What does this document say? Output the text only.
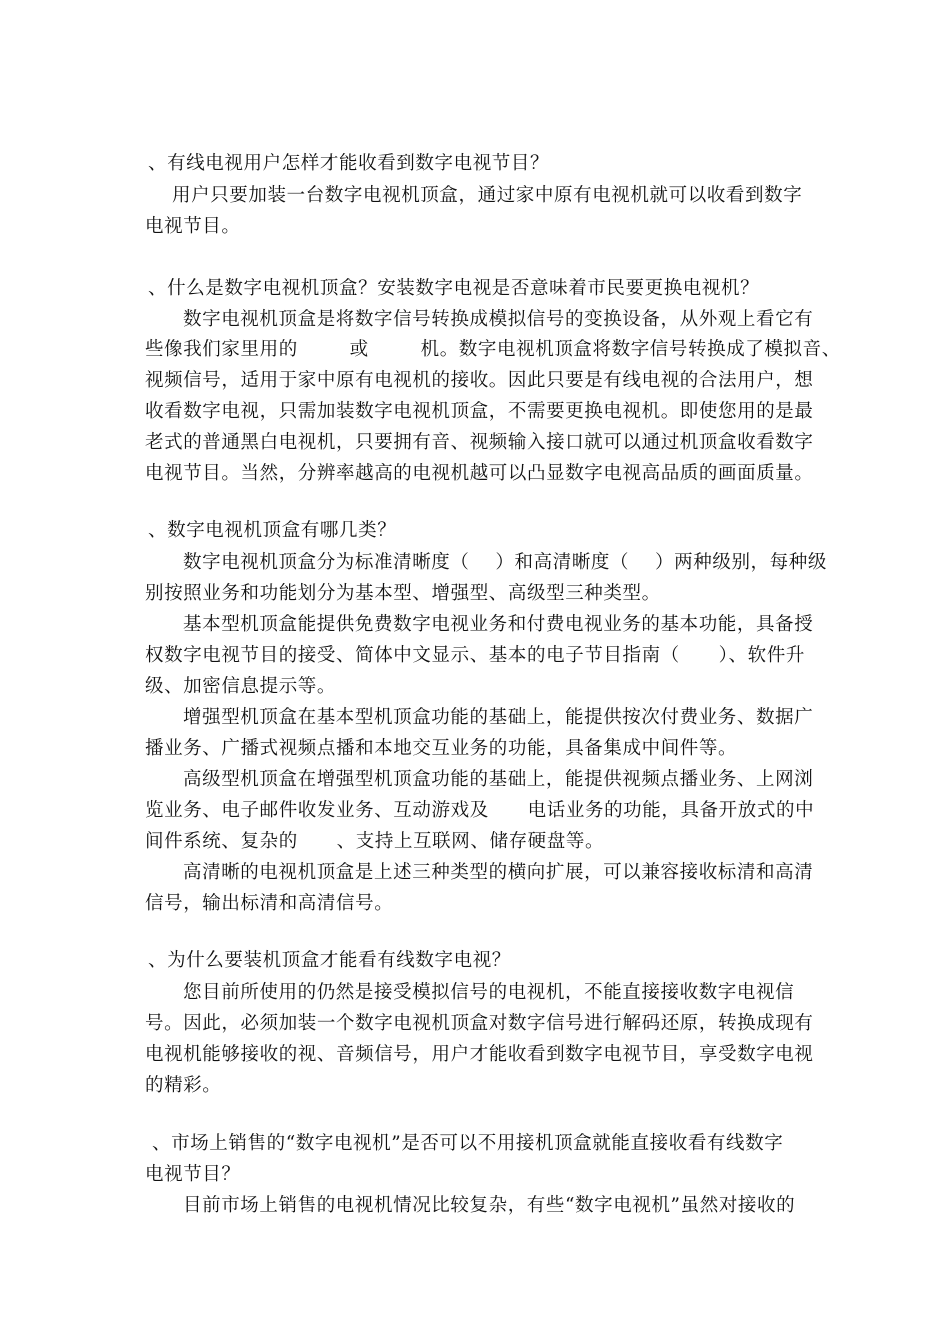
、有线电视用户怎样才能收看到数字电视节目？
用户只要加装一台数字电视机顶盒，通过家中原有电视机就可以收看到数字
电视节目。
、什么是数字电视机顶盒？安装数字电视是否意味着市民要更换电视机？
数字电视机顶盒是将数字信号转换成模拟信号的变换设备，从外观上看它有
些像我们家里用的        或        机。数字电视机顶盒将数字信号转换成了模拟音、
视频信号，适用于家中原有电视机的接收。因此只要是有线电视的合法用户，想
收看数字电视，只需加装数字电视机顶盒，不需要更换电视机。即使您用的是最
老式的普通黑白电视机，只要拥有音、视频输入接口就可以通过机顶盒收看数字
电视节目。当然，分辨率越高的电视机越可以凸显数字电视高品质的画面质量。
、数字电视机顶盒有哪几类？
数字电视机顶盒分为标准清晰度（    ）和高清晰度（    ）两种级别，每种级
别按照业务和功能划分为基本型、增强型、高级型三种类型。
基本型机顶盒能提供免费数字电视业务和付费电视业务的基本功能，具备授
权数字电视节目的接受、简体中文显示、基本的电子节目指南（      ）、软件升
级、加密信息提示等。
增强型机顶盒在基本型机顶盒功能的基础上，能提供按次付费业务、数据广
播业务、广播式视频点播和本地交互业务的功能，具备集成中间件等。
高级型机顶盒在增强型机顶盒功能的基础上，能提供视频点播业务、上网浏
览业务、电子邮件收发业务、互动游戏及      电话业务的功能，具备开放式的中
间件系统、复杂的      、支持上互联网、储存硬盘等。
高清晰的电视机顶盒是上述三种类型的横向扩展，可以兼容接收标清和高清
信号，输出标清和高清信号。
、为什么要装机顶盒才能看有线数字电视？
您目前所使用的仍然是接受模拟信号的电视机，不能直接接收数字电视信
号。因此，必须加装一个数字电视机顶盒对数字信号进行解码还原，转换成现有
电视机能够接收的视、音频信号，用户才能收看到数字电视节目，享受数字电视
的精彩。
、市场上销售的“数字电视机”是否可以不用接机顶盒就能直接收看有线数字
电视节目？
目前市场上销售的电视机情况比较复杂，有些“数字电视机”虽然对接收的
